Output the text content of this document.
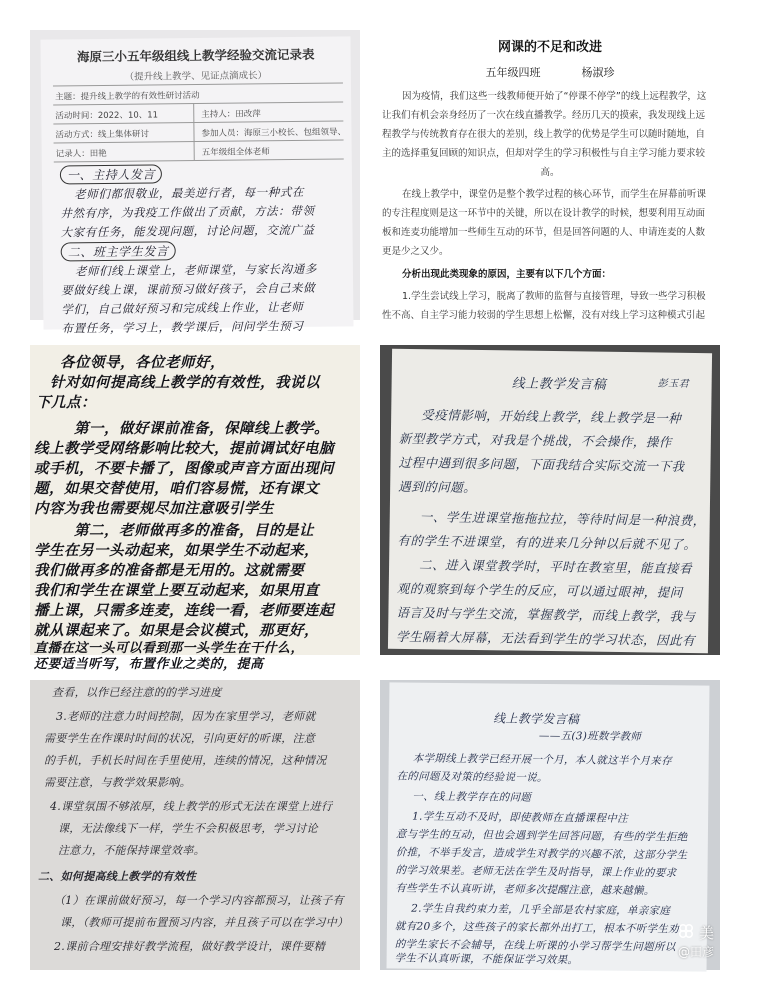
海原三小五年级组线上教学经验交流记录表
（提升线上教学、见证点滴成长）
主题：提升线上教学的有效性研讨活动
活动时间：2022、10、11	主持人：田改萍
活动方式：线上集体研讨	参加人员：海原三小校长、包组领导、
记录人：田艳	五年级组全体老师
一、主持人发言
老师们都很敬业，最美逆行者，每一种式在
井然有序，为我疫工作做出了贡献，方法：带领
大家有任务，能发现问题，讨论问题，交流广益
二、班主学生发言
老师们线上课堂上，老师课堂，与家长沟通多
要做好线上课，课前预习做好孩子，会自己来做
学们，自己做好预习和完成线上作业，让老师
布置任务，学习上，教学课后，问问学生预习
网课的不足和改进
五年级四班	杨淑珍
因为疫情，我们这些一线教师便开始了“停课不停学”的线上远程教学，这
让我们有机会亲身经历了一次在线直播教学。经历几天的摸索，我发现线上远
程教学与传统教育存在很大的差别，线上教学的优势是学生可以随时随地，自
主的选择重复回顾的知识点，但却对学生的学习积极性与自主学习能力要求较
高。
在线上教学中，课堂仍是整个教学过程的核心环节，而学生在屏幕前听课
的专注程度则是这一环节中的关键，所以在设计教学的时候，想要利用互动面
板和连麦功能增加一些师生互动的环节，但是回答问题的人、申请连麦的人数
更是少之又少。
分析出现此类现象的原因，主要有以下几个方面：
1.学生尝试线上学习，脱离了教师的监督与直接管理，导致一些学习积极
性不高、自主学习能力较弱的学生思想上松懈，没有对线上学习这种模式引起
各位领导，各位老师好，
针对如何提高线上教学的有效性，我说以
下几点：
第一，做好课前准备，保障线上教学。
线上教学受网络影响比较大，提前调试好电脑
或手机，不要卡播了，图像或声音方面出现问
题，如果交替使用，咱们容易慌，还有课文
内容为我也需要规尽加注意吸引学生
第二，老师做再多的准备，目的是让
学生在另一头动起来，如果学生不动起来，
我们做再多的准备都是无用的。这就需要
我们和学生在课堂上要互动起来，如果用直
播上课，只需多连麦，连线一看，老师要连起
就从课起来了。如果是会议模式，那更好，
直播在这一头可以看到那一头学生在干什么，
还要适当听写，布置作业之类的，提高
线上教学发言稿	彭玉君
受疫情影响，开始线上教学，线上教学是一种
新型教学方式，对我是个挑战，不会操作，操作
过程中遇到很多问题，下面我结合实际交流一下我
遇到的问题。
一、学生进课堂拖拖拉拉，等待时间是一种浪费，
有的学生不进课堂，有的进来几分钟以后就不见了。
二、进入课堂教学时，平时在教室里，能直接看
观的观察到每个学生的反应，可以通过眼神，提问
语言及时与学生交流，掌握教学，而线上教学，我与
学生隔着大屏幕，无法看到学生的学习状态，因此有
查看，以作已经注意的的学习进度
3.老师的注意力时间控制，因为在家里学习，老师就
需要学生在作课时时间的状况，引向更好的听课，注意
的手机，手机长时间在手里使用，连续的情况，这种情况
需要注意，与教学效果影响。
4.课堂氛围不够浓厚，线上教学的形式无法在课堂上进行
课，无法像线下一样，学生不会积极思考，学习讨论
注意力，不能保持课堂效率。
二、如何提高线上教学的有效性
（1）在课前做好预习，每一个学习内容都预习，让孩子有
课，（教师可提前布置预习内容，并且孩子可以在学习中）
2.课前合理安排好教学流程，做好教学设计，课件要精
线上教学发言稿
——五(3)班数学教师
本学期线上教学已经开展一个月，本人就这半个月来存
在的问题及对策的经验说一说。
一、线上教学存在的问题
1.学生互动不及时，即使教师在直播课程中注
意与学生的互动，但也会遇到学生回答问题，有些的学生拒绝
价推，不举手发言，造成学生对教学的兴趣不浓，这部分学生
的学习效果差。老师无法在学生及时指导，课上作业的要求
有些学生不认真听讲，老师多次提醒注意，越来越懒。
2.学生自我约束力差，几乎全部是农村家庭，单亲家庭
就有20多个，这些孩子的家长都外出打工，根本不听学生劝
的学生家长不会辅导，在线上听课的小学习帮学生问题所以
学生不认真听课，不能保证学习效果。
美
@田彦
